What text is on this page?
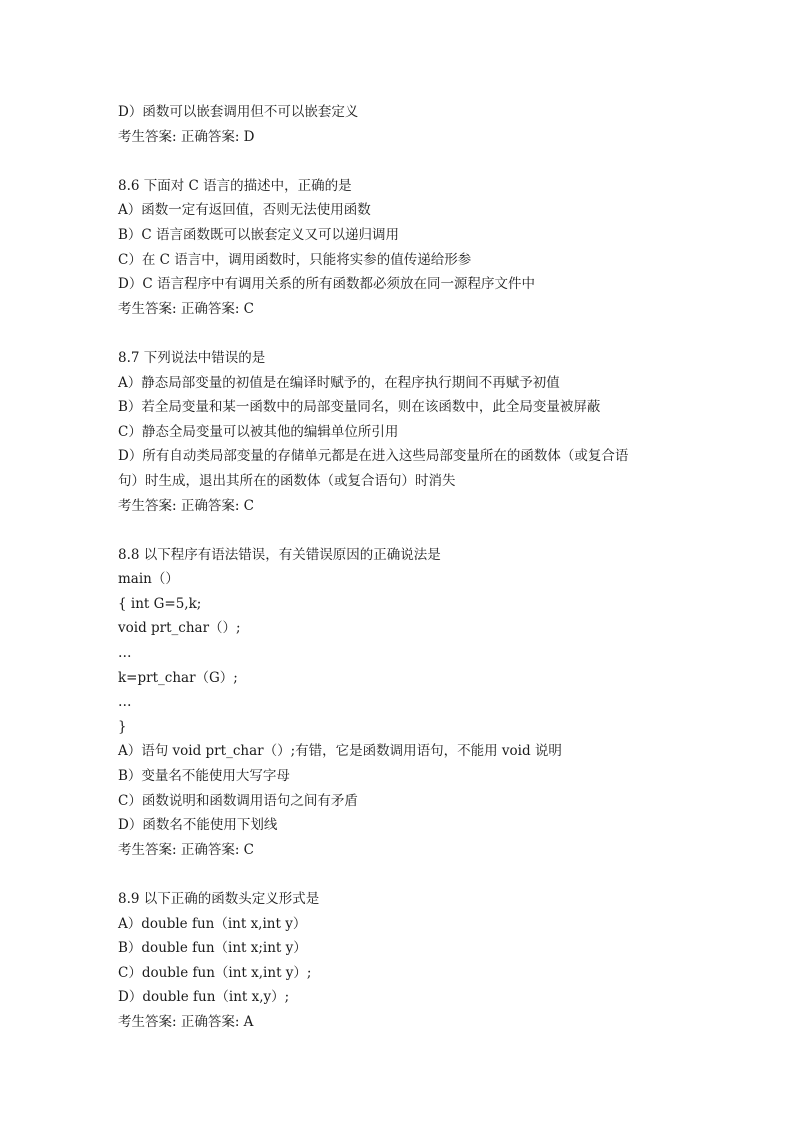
D）函数可以嵌套调用但不可以嵌套定义
考生答案: 正确答案: D
8.6 下面对 C 语言的描述中，正确的是
A）函数一定有返回值，否则无法使用函数
B）C 语言函数既可以嵌套定义又可以递归调用
C）在 C 语言中，调用函数时，只能将实参的值传递给形参
D）C 语言程序中有调用关系的所有函数都必须放在同一源程序文件中
考生答案: 正确答案: C
8.7 下列说法中错误的是
A）静态局部变量的初值是在编译时赋予的，在程序执行期间不再赋予初值
B）若全局变量和某一函数中的局部变量同名，则在该函数中，此全局变量被屏蔽
C）静态全局变量可以被其他的编辑单位所引用
D）所有自动类局部变量的存储单元都是在进入这些局部变量所在的函数体（或复合语
句）时生成，退出其所在的函数体（或复合语句）时消失
考生答案: 正确答案: C
8.8 以下程序有语法错误，有关错误原因的正确说法是
main（）
{ int G=5,k;
void prt_char（）;
…
k=prt_char（G）;
…
}
A）语句 void prt_char（）;有错，它是函数调用语句，不能用 void 说明
B）变量名不能使用大写字母
C）函数说明和函数调用语句之间有矛盾
D）函数名不能使用下划线
考生答案: 正确答案: C
8.9 以下正确的函数头定义形式是
A）double fun（int x,int y）
B）double fun（int x;int y）
C）double fun（int x,int y）;
D）double fun（int x,y）;
考生答案: 正确答案: A
